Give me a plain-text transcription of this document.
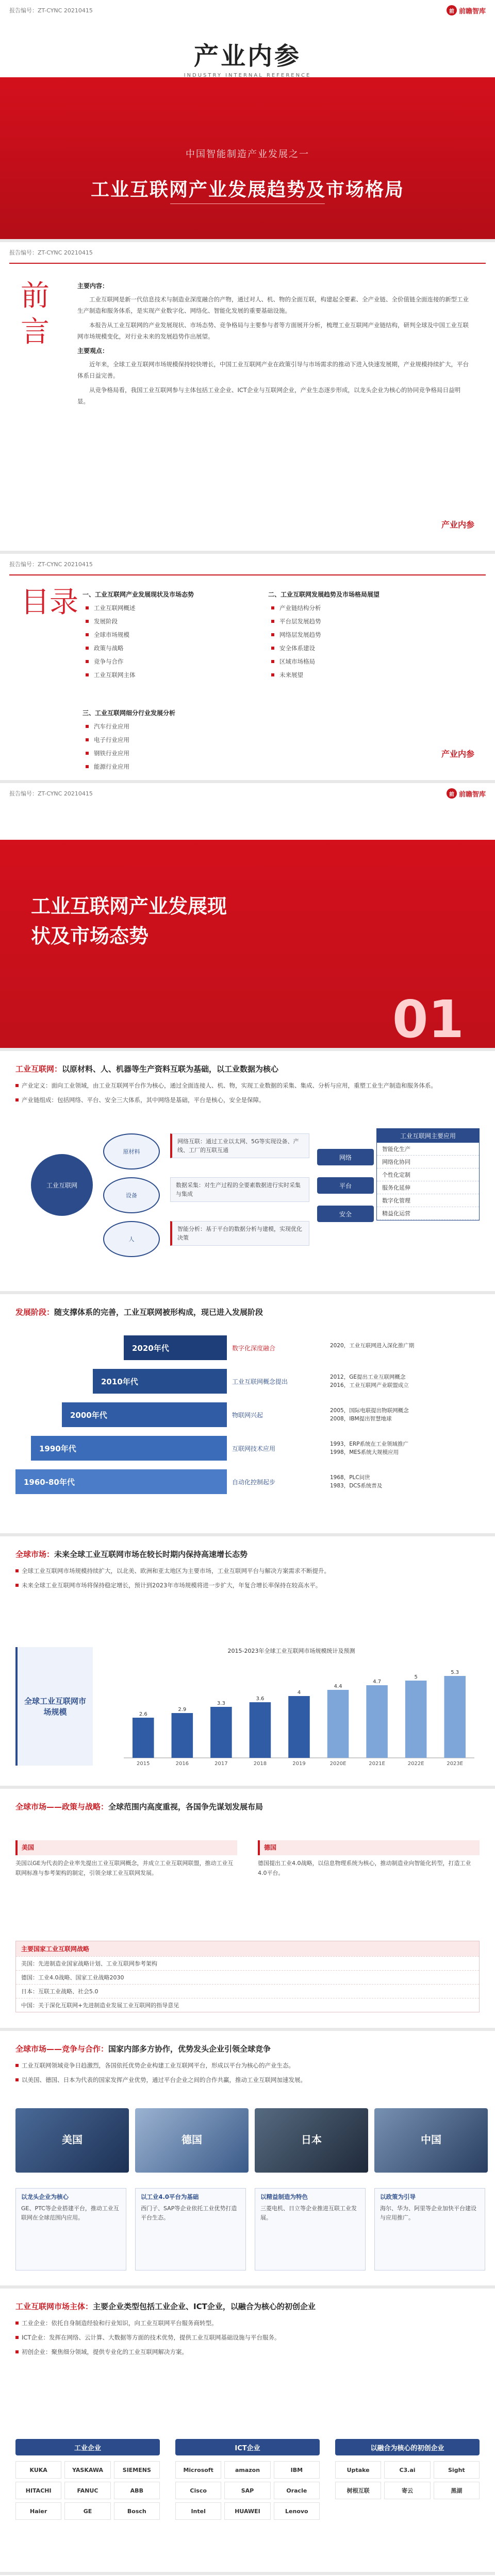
报告编号：ZT-CYNC 20210415	前 前瞻智库
产业内参
INDUSTRY INTERNAL REFERENCE
中国智能制造产业发展之一
工业互联网产业发展趋势及市场格局
报告编号：ZT-CYNC 20210415
前言
主要内容：

工业互联网是新一代信息技术与制造业深度融合的产物，通过对人、机、物的全面互联，构建起全要素、全产业链、全价值链全面连接的新型工业生产制造和服务体系，是实现产业数字化、网络化、智能化发展的重要基础设施。

本报告从工业互联网的产业发展现状、市场态势、竞争格局与主要参与者等方面展开分析，梳理工业互联网产业链结构，研判全球及中国工业互联网市场规模变化，对行业未来的发展趋势作出展望。

主要观点：

近年来，全球工业互联网市场规模保持较快增长，中国工业互联网产业在政策引导与市场需求的推动下进入快速发展期，产业规模持续扩大，平台体系日益完善。

从竞争格局看，我国工业互联网参与主体包括工业企业、ICT企业与互联网企业，产业生态逐步形成，以龙头企业为核心的协同竞争格局日益明显。

产业内参
报告编号：ZT-CYNC 20210415
目录 一、工业互联网产业发展现状及市场态势
工业互联网概述
发展阶段
全球市场规模
政策与战略
竞争与合作
工业互联网主体
二、工业互联网发展趋势及市场格局展望
产业链结构分析
平台层发展趋势
网络层发展趋势
安全体系建设
区域市场格局
未来展望
三、工业互联网细分行业发展分析
汽车行业应用
电子行业应用
钢铁行业应用
能源行业应用
产业内参
报告编号：ZT-CYNC 20210415	前 前瞻智库
工业互联网产业发展现
状及市场态势
01
工业互联网：以原材料、人、机器等生产资料互联为基础，以工业数据为核心
产业定义：面向工业领域，由工业互联网平台作为核心，通过全面连接人、机、物，实现工业数据的采集、集成、分析与应用，重塑工业生产制造和服务体系。
产业链组成：包括网络、平台、安全三大体系，其中网络是基础，平台是核心，安全是保障。
工业互联网
原材料
设备
人
网络互联：通过工业以太网、5G等实现设备、产线、工厂的互联互通
数据采集：对生产过程的全要素数据进行实时采集与集成
智能分析：基于平台的数据分析与建模，实现优化决策
网络
平台
安全
工业互联网主要应用
智能化生产
网络化协同
个性化定制
服务化延伸
数字化管理
精益化运营
发展阶段：随支撑体系的完善，工业互联网被形构成，现已进入发展阶段
2020年代	数字化深度融合	2020，工业互联网进入深化推广期
2010年代	工业互联网概念提出
2012，GE提出工业互联网概念
2016，工业互联网产业联盟成立
2000年代	物联网兴起
2005，国际电联提出物联网概念
2008，IBM提出智慧地球
1990年代	互联网技术应用
1993，ERP系统在工业领域推广
1998，MES系统大规模应用
1960-80年代	自动化控制起步
1968，PLC问世
1983，DCS系统普及
全球市场：未来全球工业互联网市场在较长时期内保持高速增长态势
全球工业互联网市场规模持续扩大，以北美、欧洲和亚太地区为主要市场，工业互联网平台与解决方案需求不断提升。
未来全球工业互联网市场将保持稳定增长，预计到2023年市场规模将进一步扩大，年复合增长率保持在较高水平。
全球工业互联网市场规模
2015-2023年全球工业互联网市场规模统计及预测
2.6
2015
2.9
2016
3.3
2017
3.6
2018
4
2019
4.4
2020E
4.7
2021E
5
2022E
5.3
2023E
全球市场——政策与战略：全球范围内高度重视，各国争先谋划发展布局
美国
美国以GE为代表的企业率先提出工业互联网概念，并成立工业互联网联盟，推动工业互联网标准与参考架构的制定，引领全球工业互联网发展。
德国
德国提出工业4.0战略，以信息物理系统为核心，推动制造业向智能化转型，打造工业4.0平台。
主要国家工业互联网战略
美国：先进制造业国家战略计划、工业互联网参考架构
德国：工业4.0战略、国家工业战略2030
日本：互联工业战略、社会5.0
中国：关于深化互联网+先进制造业发展工业互联网的指导意见
全球市场——竞争与合作：国家内部多方协作，优势发头企业引领全球竞争
工业互联网领域竞争日趋激烈，各国依托优势企业构建工业互联网平台，形成以平台为核心的产业生态。
以美国、德国、日本为代表的国家发挥产业优势，通过平台企业之间的合作共赢，推动工业互联网加速发展。
美国	德国	日本	中国
以龙头企业为核心
GE、PTC等企业搭建平台，推动工业互联网在全球范围内应用。
以工业4.0平台为基础
西门子、SAP等企业依托工业优势打造平台生态。
以精益制造为特色
三菱电机、日立等企业推进互联工业发展。
以政策为引导
海尔、华为、阿里等企业加快平台建设与应用推广。
工业互联网市场主体：主要企业类型包括工业企业、ICT企业，以融合为核心的初创企业
工业企业：依托自身制造经验和行业知识，向工业互联网平台服务商转型。
ICT企业：发挥在网络、云计算、大数据等方面的技术优势，提供工业互联网基础设施与平台服务。
初创企业：聚焦细分领域，提供专业化的工业互联网解决方案。
工业企业	ICT企业	以融合为核心的初创企业
KUKA	YASKAWA	SIEMENS
HITACHI	FANUC	ABB
Haier	GE	Bosch
Microsoft	amazon	IBM
Cisco	SAP	Oracle
Intel	HUAWEI	Lenovo
Uptake	C3.ai	Sight
树根互联	寄云	黑湖
